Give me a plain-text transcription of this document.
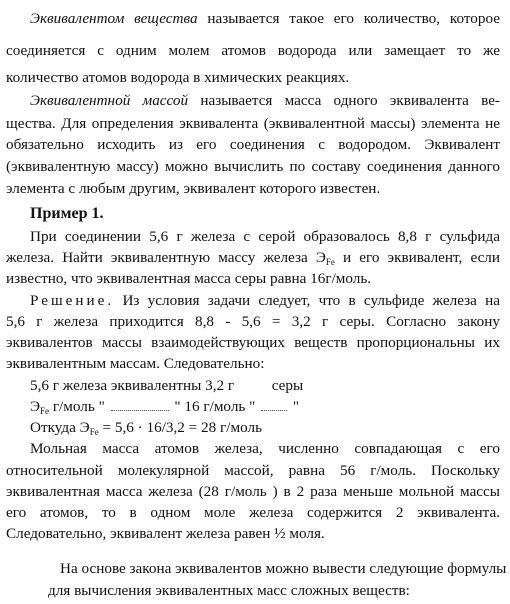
Эквивалентом вещества называется такое его количество, которое
соединяется с одним молем атомов водорода или замещает то же
количество атомов водорода в химических реакциях.
Эквивалентной массой называется масса одного эквивалента ве-
щества. Для определения эквивалента (эквивалентной массы) элемента не
обязательно исходить из его соединения с водородом. Эквивалент
(эквивалентную массу) можно вычислить по составу соединения данного
элемента с любым другим, эквивалент которого известен.
Пример 1.
При соединении 5,6 г железа с серой образовалось 8,8 г сульфида
железа. Найти эквивалентную массу железа ЭFe и его эквивалент, если
известно, что эквивалентная масса серы равна 16г/моль.
Решение. Из условия задачи следует, что в сульфиде железа на
5,6 г железа приходится 8,8 - 5,6 = 3,2 г серы. Согласно закону
эквивалентов массы взаимодействующих веществ пропорциональны их
эквивалентным массам. Следовательно:
5,6 г железа эквивалентны 3,2 г серы
ЭFe г/моль "	" 16 г/моль " "
Откуда ЭFe = 5,6 · 16/3,2 = 28 г/моль
Мольная масса атомов железа, численно совпадающая с его
относительной молекулярной массой, равна 56 г/моль. Поскольку
эквивалентная масса железа (28 г/моль ) в 2 раза меньше мольной массы
его атомов, то в одном моле железа содержится 2 эквивалента.
Следовательно, эквивалент железа равен ½ моля.
На основе закона эквивалентов можно вывести следующие формулы
для вычисления эквивалентных масс сложных веществ:
